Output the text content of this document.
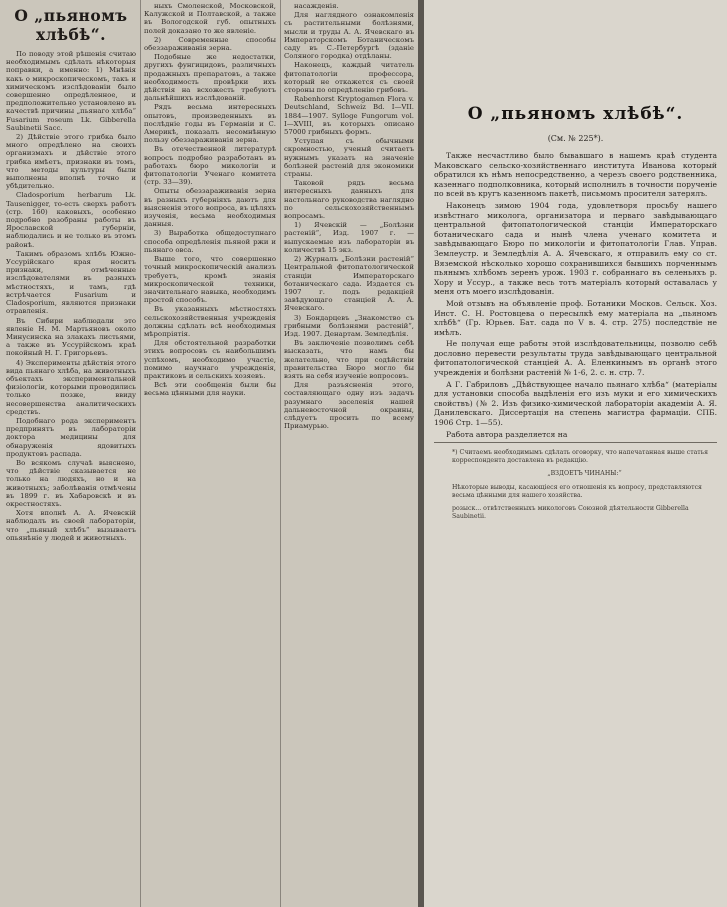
О „пьяномъ хлѣбѣ“.

По поводу этой рѣшенія считаю необходимымъ сдѣлать нѣкоторыя поправки, а именно: 1) Мнѣнія какъ о микроскопическомъ, такъ и химическомъ изслѣдованіи было совершенно опредѣленное, и предположительно установлено въ качествѣ причины „пьянаго хлѣба“ Fusarium roseum Lk. Gibberella Saubinetii Sacc.

2) Дѣйствіе этого грибка было много опредѣлено на своихъ организмахъ и дѣйствіе этого грибка имѣетъ, признаки въ томъ, что методы культуры были выполнены вполнѣ точно и убѣдительно.

Cladosporium herbarum Lk. Tausenigger, то-есть сверхъ работъ (стр. 160) каковыхъ, особенно подробно разобраны работы въ Ярославской губерніи, наблюдались и не только въ этомъ районѣ.

Такимъ образомъ хлѣбъ Южно-Уссурійскаго края носитъ признаки, отмѣченные изслѣдователями въ разныхъ мѣстностяхъ, и тамъ, гдѣ встрѣчается Fusarium и Cladosporium, являются признаки отравленія.

Въ Сибири наблюдали это явленіе Н. М. Мартьяновъ около Минусинска на злакахъ листьями, а также въ Уссурійскомъ краѣ покойный Н. Г. Григорьевъ.

4) Эксперименты дѣйствія этого вида пьянаго хлѣба, на животныхъ объектахъ экспериментальной физіологіи, которыми проводились только позже, ввиду несовершенства аналитическихъ средствъ.

Подобнаго рода экспериментъ предпринятъ въ лабораторіи доктора медицины для обнаруженія ядовитыхъ продуктовъ распада.

Во всякомъ случаѣ выяснено, что дѣйствіе сказывается не только на людяхъ, но и на животныхъ; заболѣванія отмѣчены въ 1899 г. въ Хабаровскѣ и въ окрестностяхъ.

Хотя вполнѣ А. А. Ячевскій наблюдалъ въ своей лабораторіи, что „пьяный хлѣбъ“ вызываетъ опьянѣніе у людей и животныхъ.

ныхъ Смоленской, Московской, Калужской и Полтавской, а также въ Вологодской губ. опытныхъ полей доказано то же явленіе.

2) Современные способы обеззараживанія зерна.

Подобные же недостатки, другихъ фунгицидовъ, различныхъ продажныхъ препаратовъ, а также необходимость провѣрки ихъ дѣйствія на всхожесть требуютъ дальнѣйшихъ изслѣдованій.

Рядъ весьма интересныхъ опытовъ, произведенныхъ въ послѣдніе годы въ Германіи и С. Америкѣ, показалъ несомнѣнную пользу обеззараживанія зерна.

Въ отечественной литературѣ вопросъ подробно разработанъ въ работахъ бюро микологіи и фитопатологіи Ученаго комитета (стр. 33—39).

Опыты обеззараживанія зерна въ разныхъ губерніяхъ даютъ для выясненія этого вопроса, въ цѣляхъ изученія, весьма необходимыя данныя.

3) Выработка общедоступнаго способа опредѣленія пьяной ржи и пьянаго овса.

Выше того, что совершенно точный микроскопическій анализъ требуетъ, кромѣ знанія микроскопической техники, значительнаго навыка, необходимъ простой способъ.

Въ указанныхъ мѣстностяхъ сельскохозяйственныя учрежденія должны сдѣлать всѣ необходимыя мѣропріятія.

Для обстоятельной разработки этихъ вопросовъ съ наибольшимъ успѣхомъ, необходимо участіе, помимо научнаго учрежденія, практиковъ и сельскихъ хозяевъ.

Всѣ эти сообщенія были бы весьма цѣнными для науки.

насажденія.

Для наглядного ознакомленія съ растительными болѣзнями, мысли и труды А. А. Ячевскаго въ Императорскомъ Ботаническомъ саду въ С.-Петербургѣ (зданіе Соляного городка) отдѣланы.

Наконецъ, каждый читатель фитопатологіи профессора, который не откажется съ своей стороны по опредѣленію грибовъ.

Rabenhorst Kryptogamen Flora v. Deutschland, Schweiz Bd. I—VII. 1884—1907. Sylloge Fungorum vol. I—XVIII, въ которыхъ описано 57000 грибныхъ формъ.

Уступая съ обычными скромностью, ученый считаетъ нужнымъ указать на значеніе болѣзней растеній для экономики страны.

Таковой рядъ весьма интересныхъ данныхъ для настольнаго руководства наглядно по сельскохозяйственнымъ вопросамъ.

1) Ячевскій — „Болѣзни растеній“, Изд. 1907 г. — выпускаемые изъ лабораторіи въ количествѣ 15 экз.

2) Журналъ „Болѣзни растеній“ Центральной фитопатологической станціи Императорскаго ботаническаго сада. Издается съ 1907 г. подъ редакціей завѣдующаго станціей А. А. Ячевскаго.

3) Бондарцевъ „Знакомство съ грибными болѣзнями растеній“, Изд. 1907. Денартам. Земледѣлія.

Въ заключеніе позволимъ себѣ высказать, что намъ бы желательно, что при содѣйствіи правительства Бюро могло бы взять на себя изученіе вопросовъ.

Для разъясненія этого, составляющаго одну изъ задачъ разумнаго заселенія нашей дальневосточной окраины, слѣдуетъ просить по всему Приамурью.

О „пьяномъ хлѣбѣ“.
(См. № 225*).

Также несчастливо было бывавшаго в нашемъ краѣ студента Маковскаго сельско-хозяйственнаго института Иванова который обратился къ нѣмъ непосредственно, а черезъ своего родственника, казеннаго подполковника, который исполнилъ в точности порученіе по всей въ кругъ казенномъ пакетѣ, письмомъ просителя затерялъ.

Наконецъ зимою 1904 года, удовлетворя просьбу нашего извѣстнаго миколога, организатора и перваго завѣдывающаго центральной фитопатологической станціи Императорскаго ботаническаго сада и нынѣ члена ученаго комитета и завѣдывающаго Бюро по микологіи и фитопатологіи Глав. Управ. Землеустр. и Земледѣлія А. А. Ячевскаго, я отправилъ ему со ст. Вяземской нѣсколько хорошо сохранившихся бывшихъ порченнымъ пьянымъ хлѣбомъ зеренъ урож. 1903 г. собраннаго въ селеньяхъ р. Хору и Уссур., а также весь тотъ матеріалъ который оставалась у меня отъ моего изслѣдованія.

Мой отзывъ на объявленіе проф. Ботаники Москов. Сельск. Хоз. Инст. С. Н. Ростовцева о пересылкѣ ему матеріала на „пьяномъ хлѣбѣ“ (Гр. Юрьев. Бат. сада по V в. 4. стр. 275) последствіе не имѣлъ.

Не получая еще работы этой изслѣдовательницы, позволю себѣ дословно перевести результаты труда завѣдывающаго центральной фитопатологической станціей А. А. Еленкинымъ въ органѣ этого учрежденія и болѣзни растеній № 1-6, 2. с. н. стр. 7.

А Г. Габриловъ „Дѣйствующее начало пьянаго хлѣба“ (матеріалы для установки способа выдѣленія его изъ муки и его химическихъ свойствъ) (№ 2. Изъ физико-химической лабораторіи академіи А. Я. Данилевскаго. Диссертація на степень магистра фармаціи. СПБ. 1906 Стр. 1—55).

Работа автора разделяется на

*) Считаемъ необходимымъ сдѣлать оговорку, что напечатанная выше статья корреспондента доставлена въ редакцію.

„ВЗДОЕТЪ ЧИНАНЫ:“

Нѣкоторые выводы, касающіеся его отношенія къ вопросу, представляются весьма цѣнными для нашего хозяйства.

розыск... отвѣтственныхъ микологовъ Союзной дѣятельности Gibberella Saubinetii.
